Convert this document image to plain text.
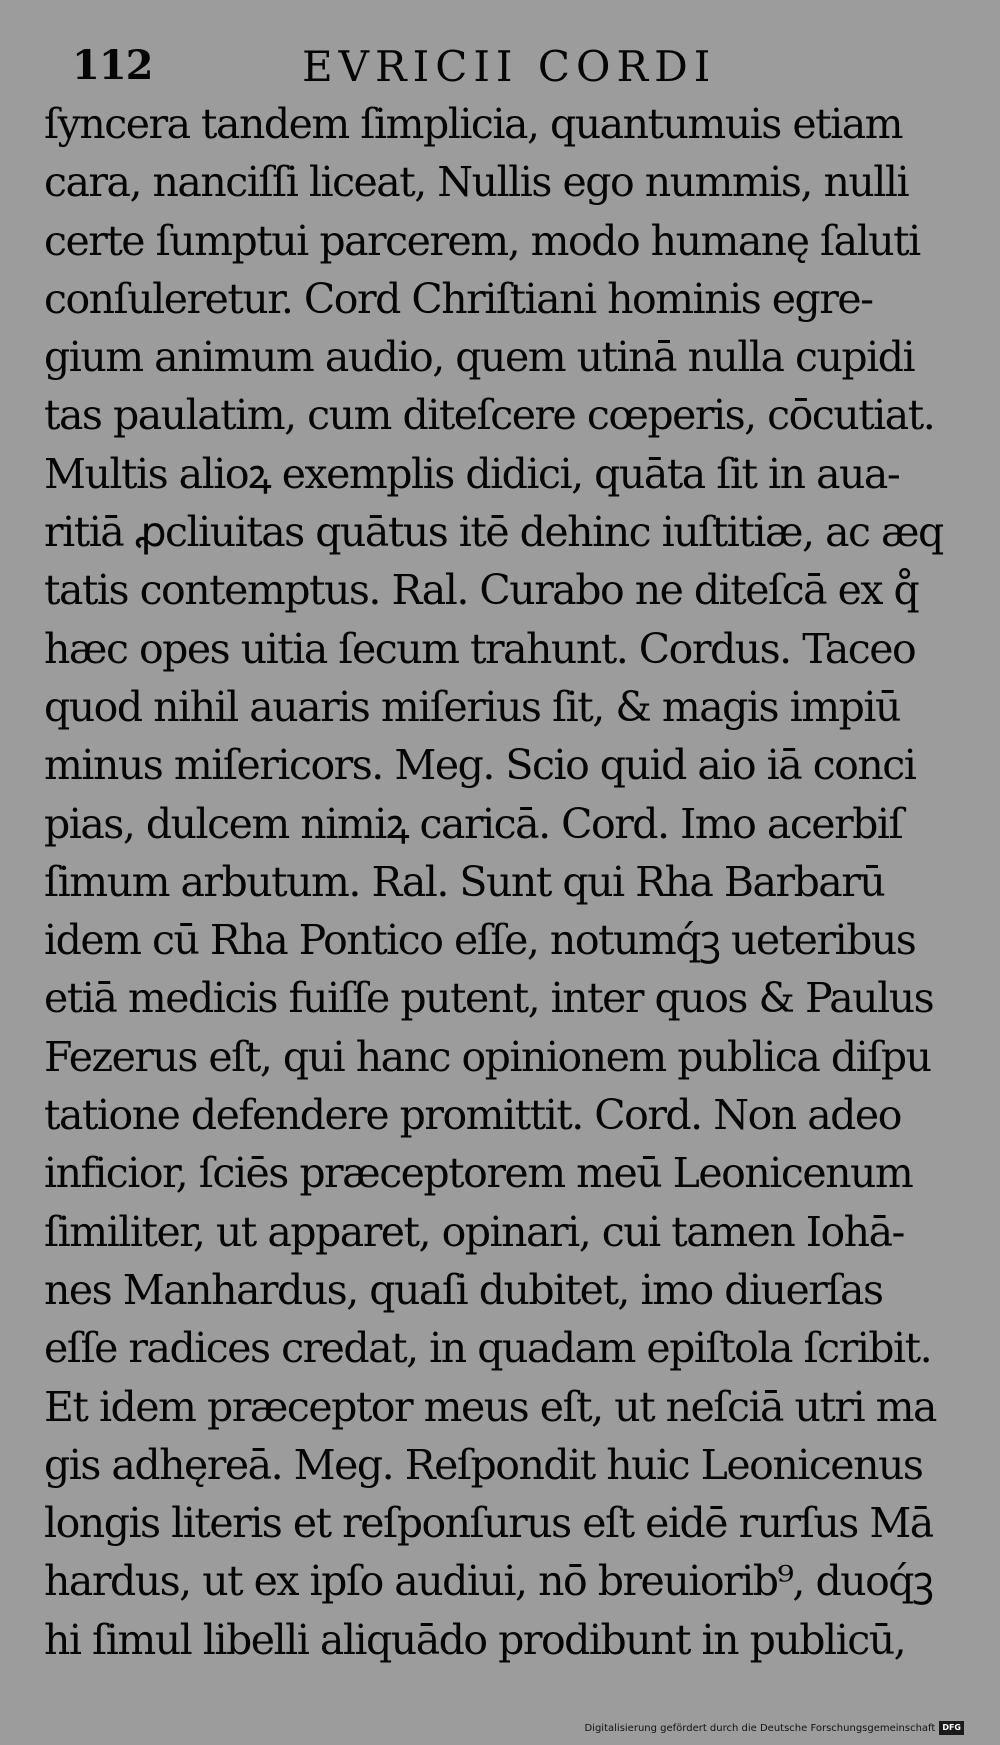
112	EVRICII CORDI
ſyncera tandem ſimplicia, quantumuis etiam
cara, nanciſſi liceat, Nullis ego nummis, nulli
certe ſumptui parcerem, modo humanę ſaluti
conſuleretur. Cord Chriſtiani hominis egre-
gium animum audio, quem utinā nulla cupidi
tas paulatim, cum diteſcere cœperis, cōcutiat.
Multis alioꝝ exemplis didici, quāta ſit in aua-
ritiā ꝓcliuitas quātus itē dehinc iuſtitiæ, ac æq
tatis contemptus. Ral. Curabo ne diteſcā ex q̊
hæc opes uitia ſecum trahunt. Cordus. Taceo
quod nihil auaris miſerius ſit, & magis impiū
minus miſericors. Meg. Scio quid aio iā conci
pias, dulcem nimiꝝ caricā. Cord. Imo acerbiſ
ſimum arbutum. Ral. Sunt qui Rha Barbarū
idem cū Rha Pontico eſſe, notumq́ꝫ ueteribus
etiā medicis fuiſſe putent, inter quos & Paulus
Fezerus eſt, qui hanc opinionem publica diſpu
tatione defendere promittit. Cord. Non adeo
inficior, ſciēs præceptorem meū Leonicenum
ſimiliter, ut apparet, opinari, cui tamen Iohā-
nes Manhardus, quaſi dubitet, imo diuerſas
eſſe radices credat, in quadam epiſtola ſcribit.
Et idem præceptor meus eſt, ut neſciā utri ma
gis adhęreā. Meg. Reſpondit huic Leonicenus
longis literis et reſponſurus eſt eidē rurſus Mā
hardus, ut ex ipſo audiui, nō breuiorib⁹, duoq́ꝫ
hi ſimul libelli aliquādo prodibunt in publicū,
Digitalisierung gefördert durch die Deutsche Forschungsgemeinschaft DFG
